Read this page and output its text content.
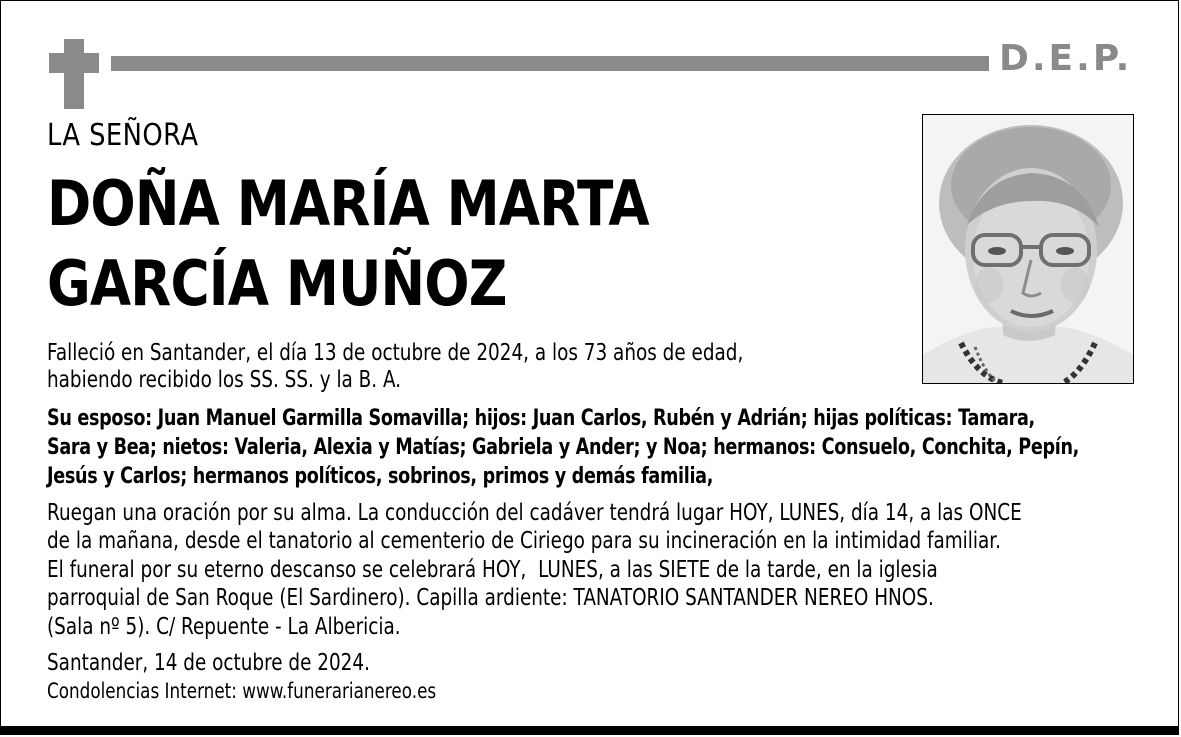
D.E.P.
LA SEÑORA
DOÑA MARÍA MARTA
GARCÍA MUÑOZ
Falleció en Santander, el día 13 de octubre de 2024, a los 73 años de edad,
habiendo recibido los SS. SS. y la B. A.
Su esposo: Juan Manuel Garmilla Somavilla; hijos: Juan Carlos, Rubén y Adrián; hijas políticas: Tamara,
Sara y Bea; nietos: Valeria, Alexia y Matías; Gabriela y Ander; y Noa; hermanos: Consuelo, Conchita, Pepín,
Jesús y Carlos; hermanos políticos, sobrinos, primos y demás familia,
Ruegan una oración por su alma. La conducción del cadáver tendrá lugar HOY, LUNES, día 14, a las ONCE
de la mañana, desde el tanatorio al cementerio de Ciriego para su incineración en la intimidad familiar.
El funeral por su eterno descanso se celebrará HOY,  LUNES, a las SIETE de la tarde, en la iglesia
parroquial de San Roque (El Sardinero). Capilla ardiente: TANATORIO SANTANDER NEREO HNOS.
(Sala nº 5). C/ Repuente - La Albericia.
Santander, 14 de octubre de 2024.
Condolencias Internet: www.funerarianereo.es
